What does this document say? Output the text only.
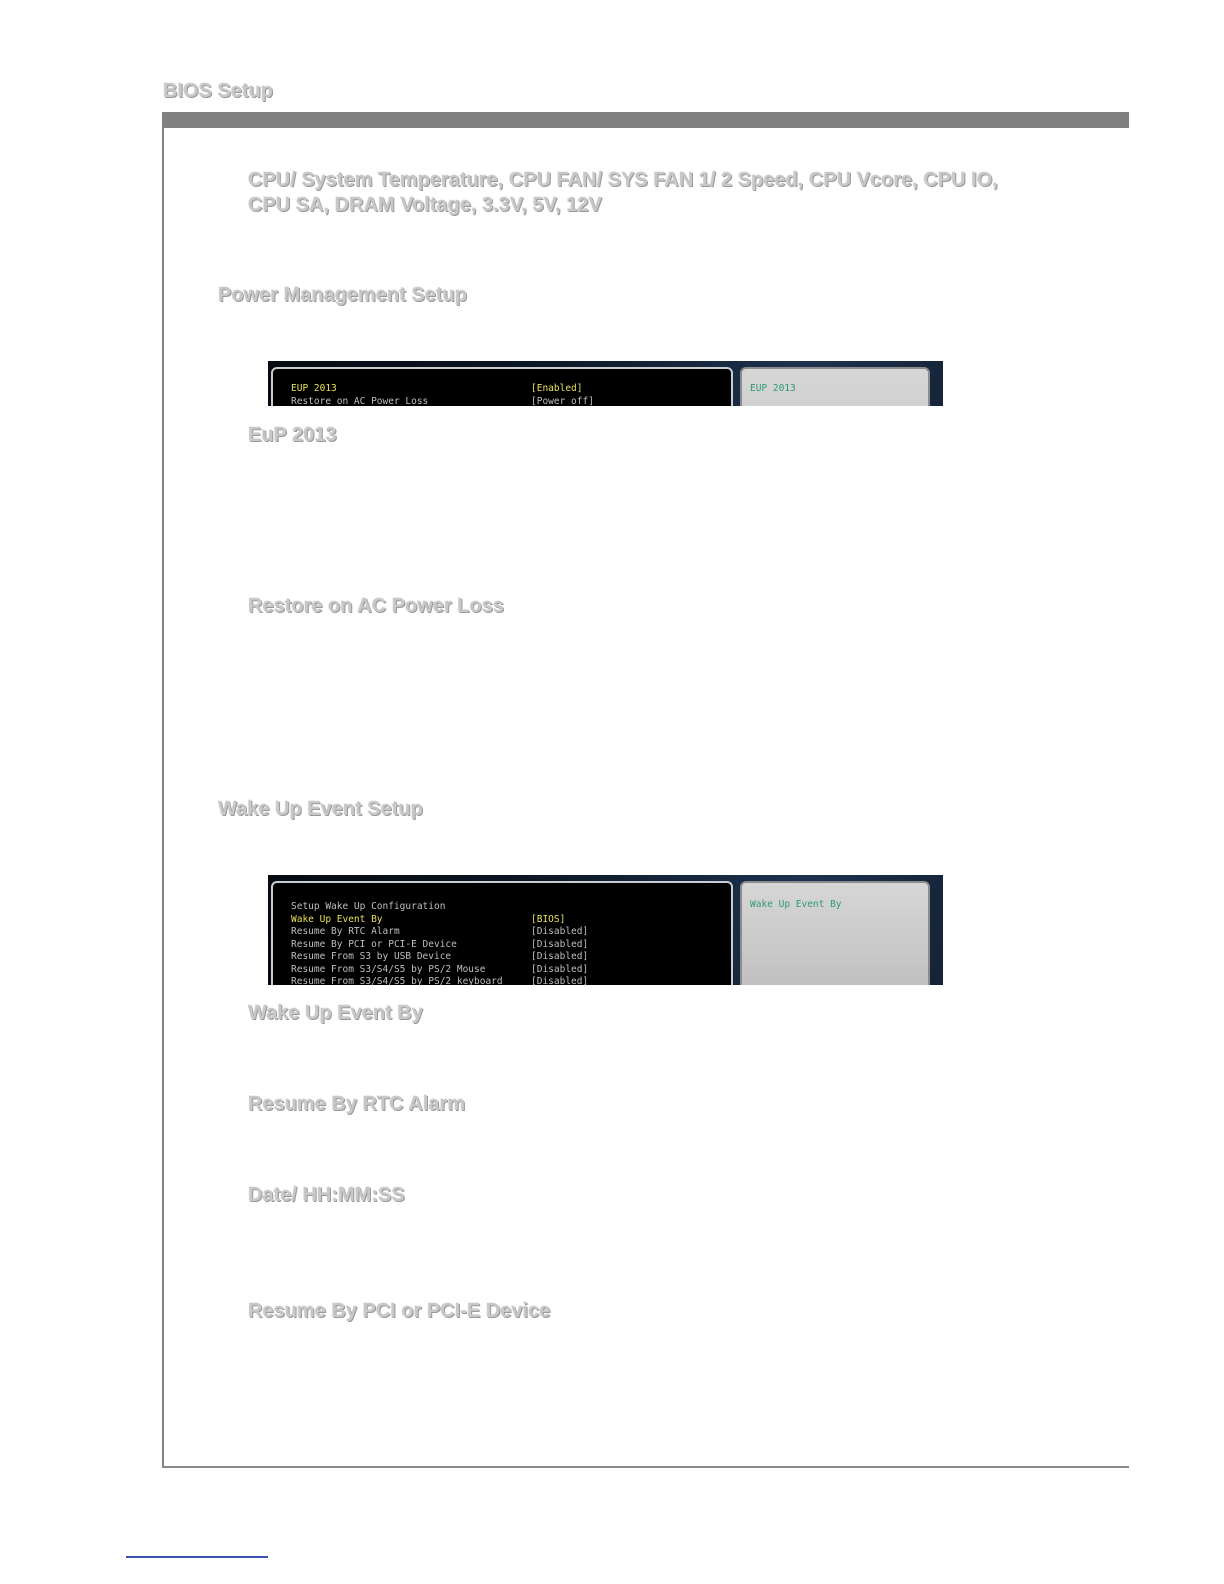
BIOS Setup
CPU/ System Temperature, CPU FAN/ SYS FAN 1/ 2 Speed, CPU Vcore, CPU IO,
CPU SA, DRAM Voltage, 3.3V, 5V, 12V
Power Management Setup
EUP 2013	[Enabled]
Restore on AC Power Loss	[Power off]
EUP 2013
EuP 2013
Restore on AC Power Loss
Wake Up Event Setup
Setup Wake Up Configuration
Wake Up Event By	[BIOS]
Resume By RTC Alarm	[Disabled]
Resume By PCI or PCI-E Device	[Disabled]
Resume From S3 by USB Device	[Disabled]
Resume From S3/S4/S5 by PS/2 Mouse	[Disabled]
Resume From S3/S4/S5 by PS/2 keyboard	[Disabled]
Wake Up Event By
Wake Up Event By
Resume By RTC Alarm
Date/ HH:MM:SS
Resume By PCI or PCI-E Device
